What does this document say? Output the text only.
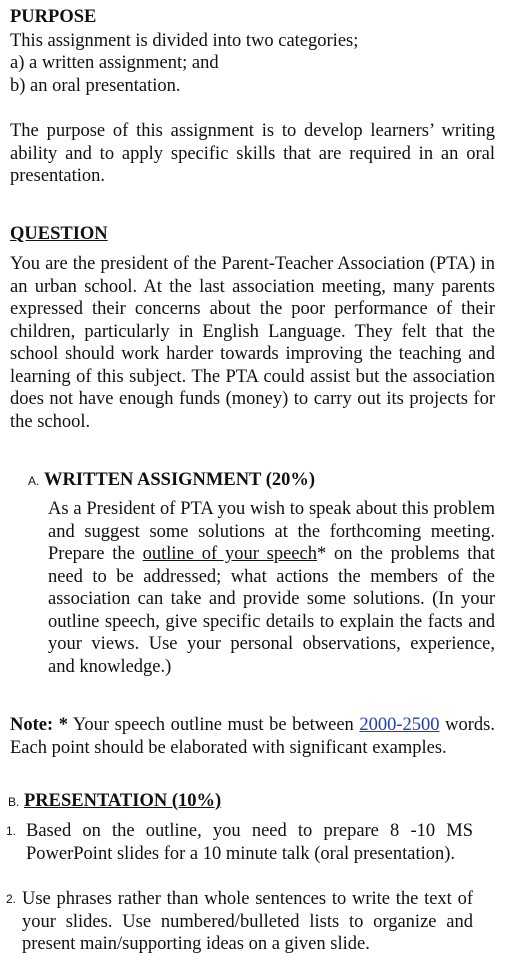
PURPOSE
This assignment is divided into two categories;
a) a written assignment; and
b) an oral presentation.
The purpose of this assignment is to develop learners’ writing ability and to apply specific skills that are required in an oral presentation.
QUESTION
You are the president of the Parent-Teacher Association (PTA) in an urban school. At the last association meeting, many parents expressed their concerns about the poor performance of their children, particularly in English Language. They felt that the school should work harder towards improving the teaching and learning of this subject. The PTA could assist but the association does not have enough funds (money) to carry out its projects for the school.
A. WRITTEN ASSIGNMENT (20%)
As a President of PTA you wish to speak about this problem and suggest some solutions at the forthcoming meeting. Prepare the outline of your speech* on the problems that need to be addressed; what actions the members of the association can take and provide some solutions. (In your outline speech, give specific details to explain the facts and your views. Use your personal observations, experience, and knowledge.)
Note: * Your speech outline must be between 2000-2500 words. Each point should be elaborated with significant examples.
B. PRESENTATION (10%)
1. Based on the outline, you need to prepare 8 -10 MS PowerPoint slides for a 10 minute talk (oral presentation).
2. Use phrases rather than whole sentences to write the text of your slides. Use numbered/bulleted lists to organize and present main/supporting ideas on a given slide.
